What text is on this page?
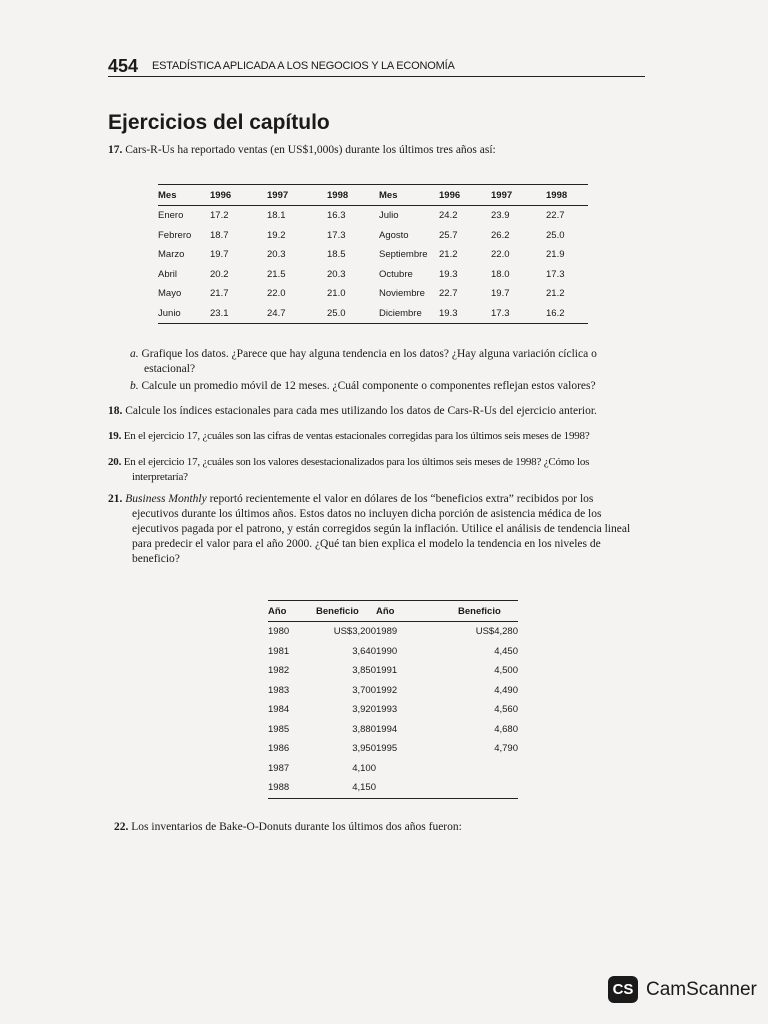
454 ESTADÍSTICA APLICADA A LOS NEGOCIOS Y LA ECONOMÍA
Ejercicios del capítulo
17. Cars-R-Us ha reportado ventas (en US$1,000s) durante los últimos tres años así:
Mes	1996	1997	1998	Mes	1996	1997	1998
Enero	17.2	18.1	16.3	Julio	24.2	23.9	22.7
Febrero	18.7	19.2	17.3	Agosto	25.7	26.2	25.0
Marzo	19.7	20.3	18.5	Septiembre	21.2	22.0	21.9
Abril	20.2	21.5	20.3	Octubre	19.3	18.0	17.3
Mayo	21.7	22.0	21.0	Noviembre	22.7	19.7	21.2
Junio	23.1	24.7	25.0	Diciembre	19.3	17.3	16.2
a. Grafique los datos. ¿Parece que hay alguna tendencia en los datos? ¿Hay alguna variación cíclica o
estacional?
b. Calcule un promedio móvil de 12 meses. ¿Cuál componente o componentes reflejan estos valores?
18. Calcule los índices estacionales para cada mes utilizando los datos de Cars-R-Us del ejercicio anterior.
19. En el ejercicio 17, ¿cuáles son las cifras de ventas estacionales corregidas para los últimos seis meses de 1998?
20. En el ejercicio 17, ¿cuáles son los valores desestacionalizados para los últimos seis meses de 1998? ¿Cómo los
interpretaría?
21. Business Monthly reportó recientemente el valor en dólares de los “beneficios extra” recibidos por los
ejecutivos durante los últimos años. Estos datos no incluyen dicha porción de asistencia médica de los
ejecutivos pagada por el patrono, y están corregidos según la inflación. Utilice el análisis de tendencia lineal
para predecir el valor para el año 2000. ¿Qué tan bien explica el modelo la tendencia en los niveles de
beneficio?
Año	Beneficio	Año	Beneficio
1980	US$3,200	1989	US$4,280
1981	3,640	1990	4,450
1982	3,850	1991	4,500
1983	3,700	1992	4,490
1984	3,920	1993	4,560
1985	3,880	1994	4,680
1986	3,950	1995	4,790
1987	4,100		
1988	4,150		
22. Los inventarios de Bake-O-Donuts durante los últimos dos años fueron:
CS CamScanner
